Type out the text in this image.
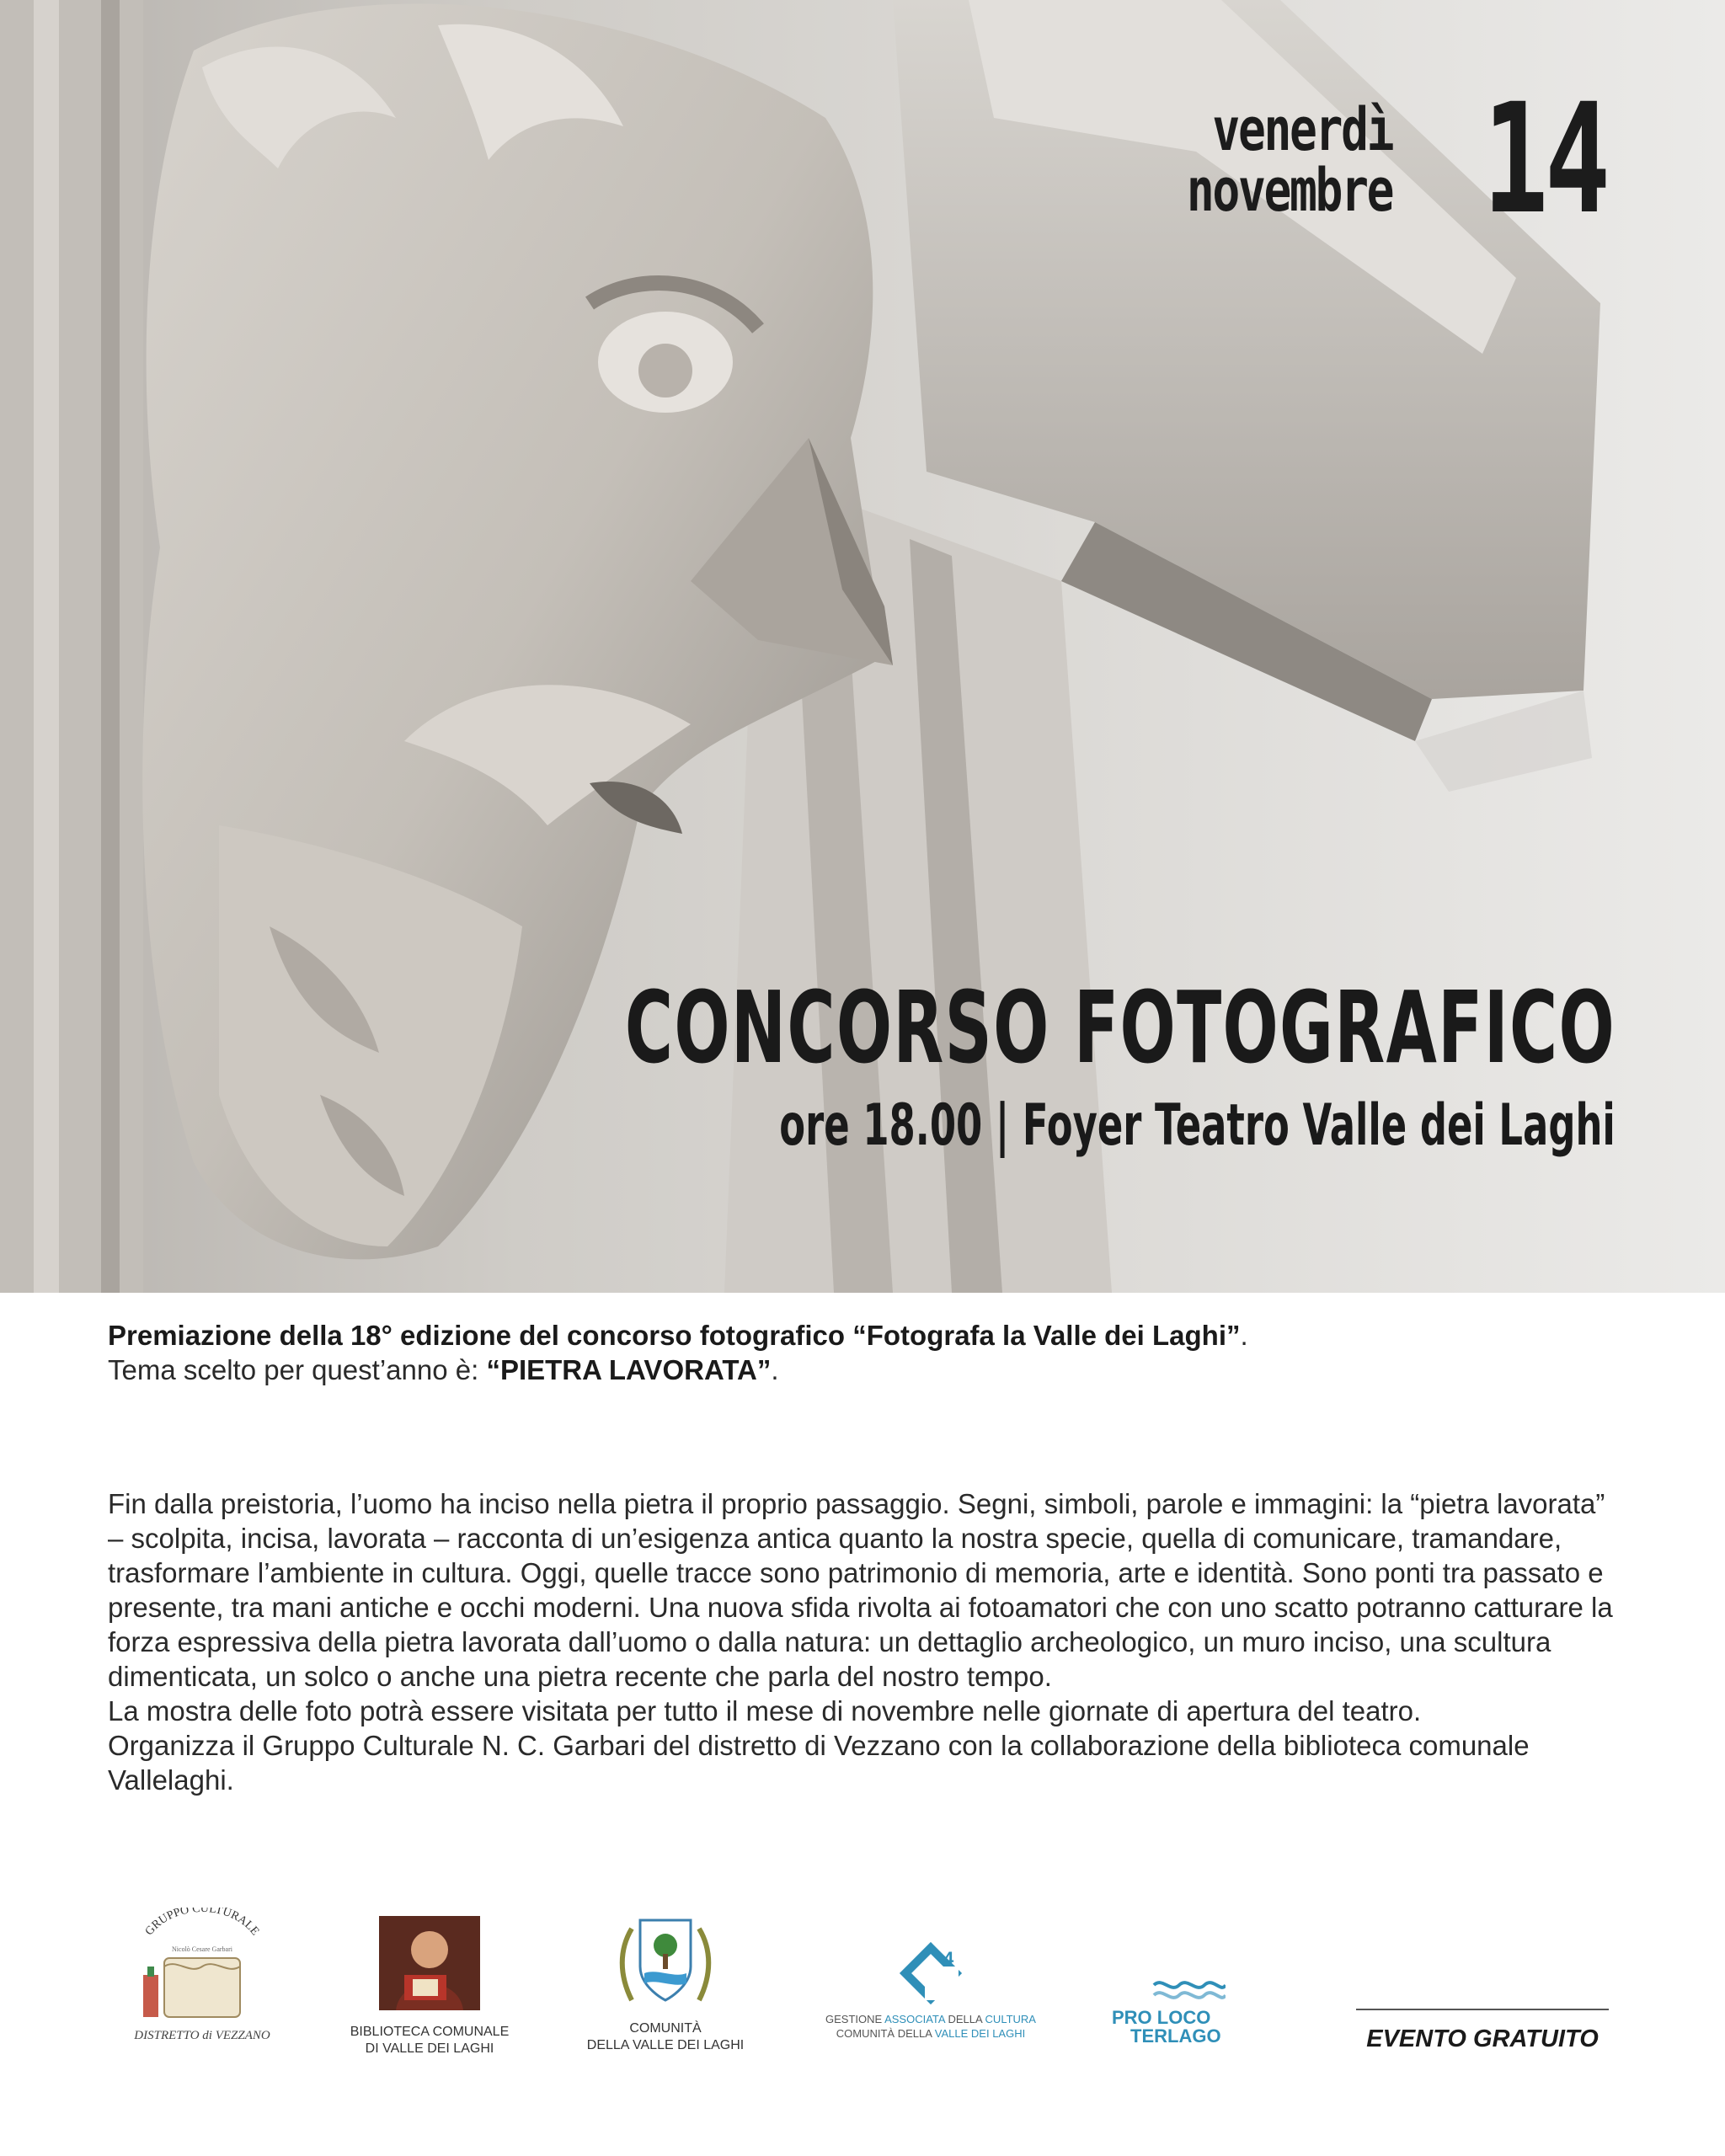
venerdì
novembre 14
CONCORSO FOTOGRAFICO
ore 18.00 | Foyer Teatro Valle dei Laghi

Premiazione della 18° edizione del concorso fotografico “Fotografa la Valle dei Laghi”.

Tema scelto per quest’anno è: “PIETRA LAVORATA”.

Fin dalla preistoria, l’uomo ha inciso nella pietra il proprio passaggio. Segni, simboli, parole e immagini: la “pietra lavorata” – scolpita, incisa, lavorata – racconta di un’esigenza antica quanto la nostra specie, quella di comunicare, tramandare, trasformare l’ambiente in cultura. Oggi, quelle tracce sono patrimonio di memoria, arte e identità. Sono ponti tra passato e presente, tra mani antiche e occhi moderni. Una nuova sfida rivolta ai fotoamatori che con uno scatto potranno catturare la forza espressiva della pietra lavorata dall’uomo o dalla natura: un dettaglio archeologico, un muro inciso, una scultura dimenticata, un solco o anche una pietra recente che parla del nostro tempo.

La mostra delle foto potrà essere visitata per tutto il mese di novembre nelle giornate di apertura del teatro.

Organizza il Gruppo Culturale N. C. Garbari del distretto di Vezzano con la collaborazione della biblioteca comunale Vallelaghi.

GRUPPO CULTURALE
Nicolò Cesare Garbari
DISTRETTO di VEZZANO	BIBLIOTECA COMUNALE
DI VALLE DEI LAGHI
COMUNITÀ
DELLA VALLE DEI LAGHI
4
GESTIONE ASSOCIATA DELLA CULTURA
COMUNITÀ DELLA VALLE DEI LAGHI
PRO LOCO
TERLAGO	EVENTO GRATUITO
